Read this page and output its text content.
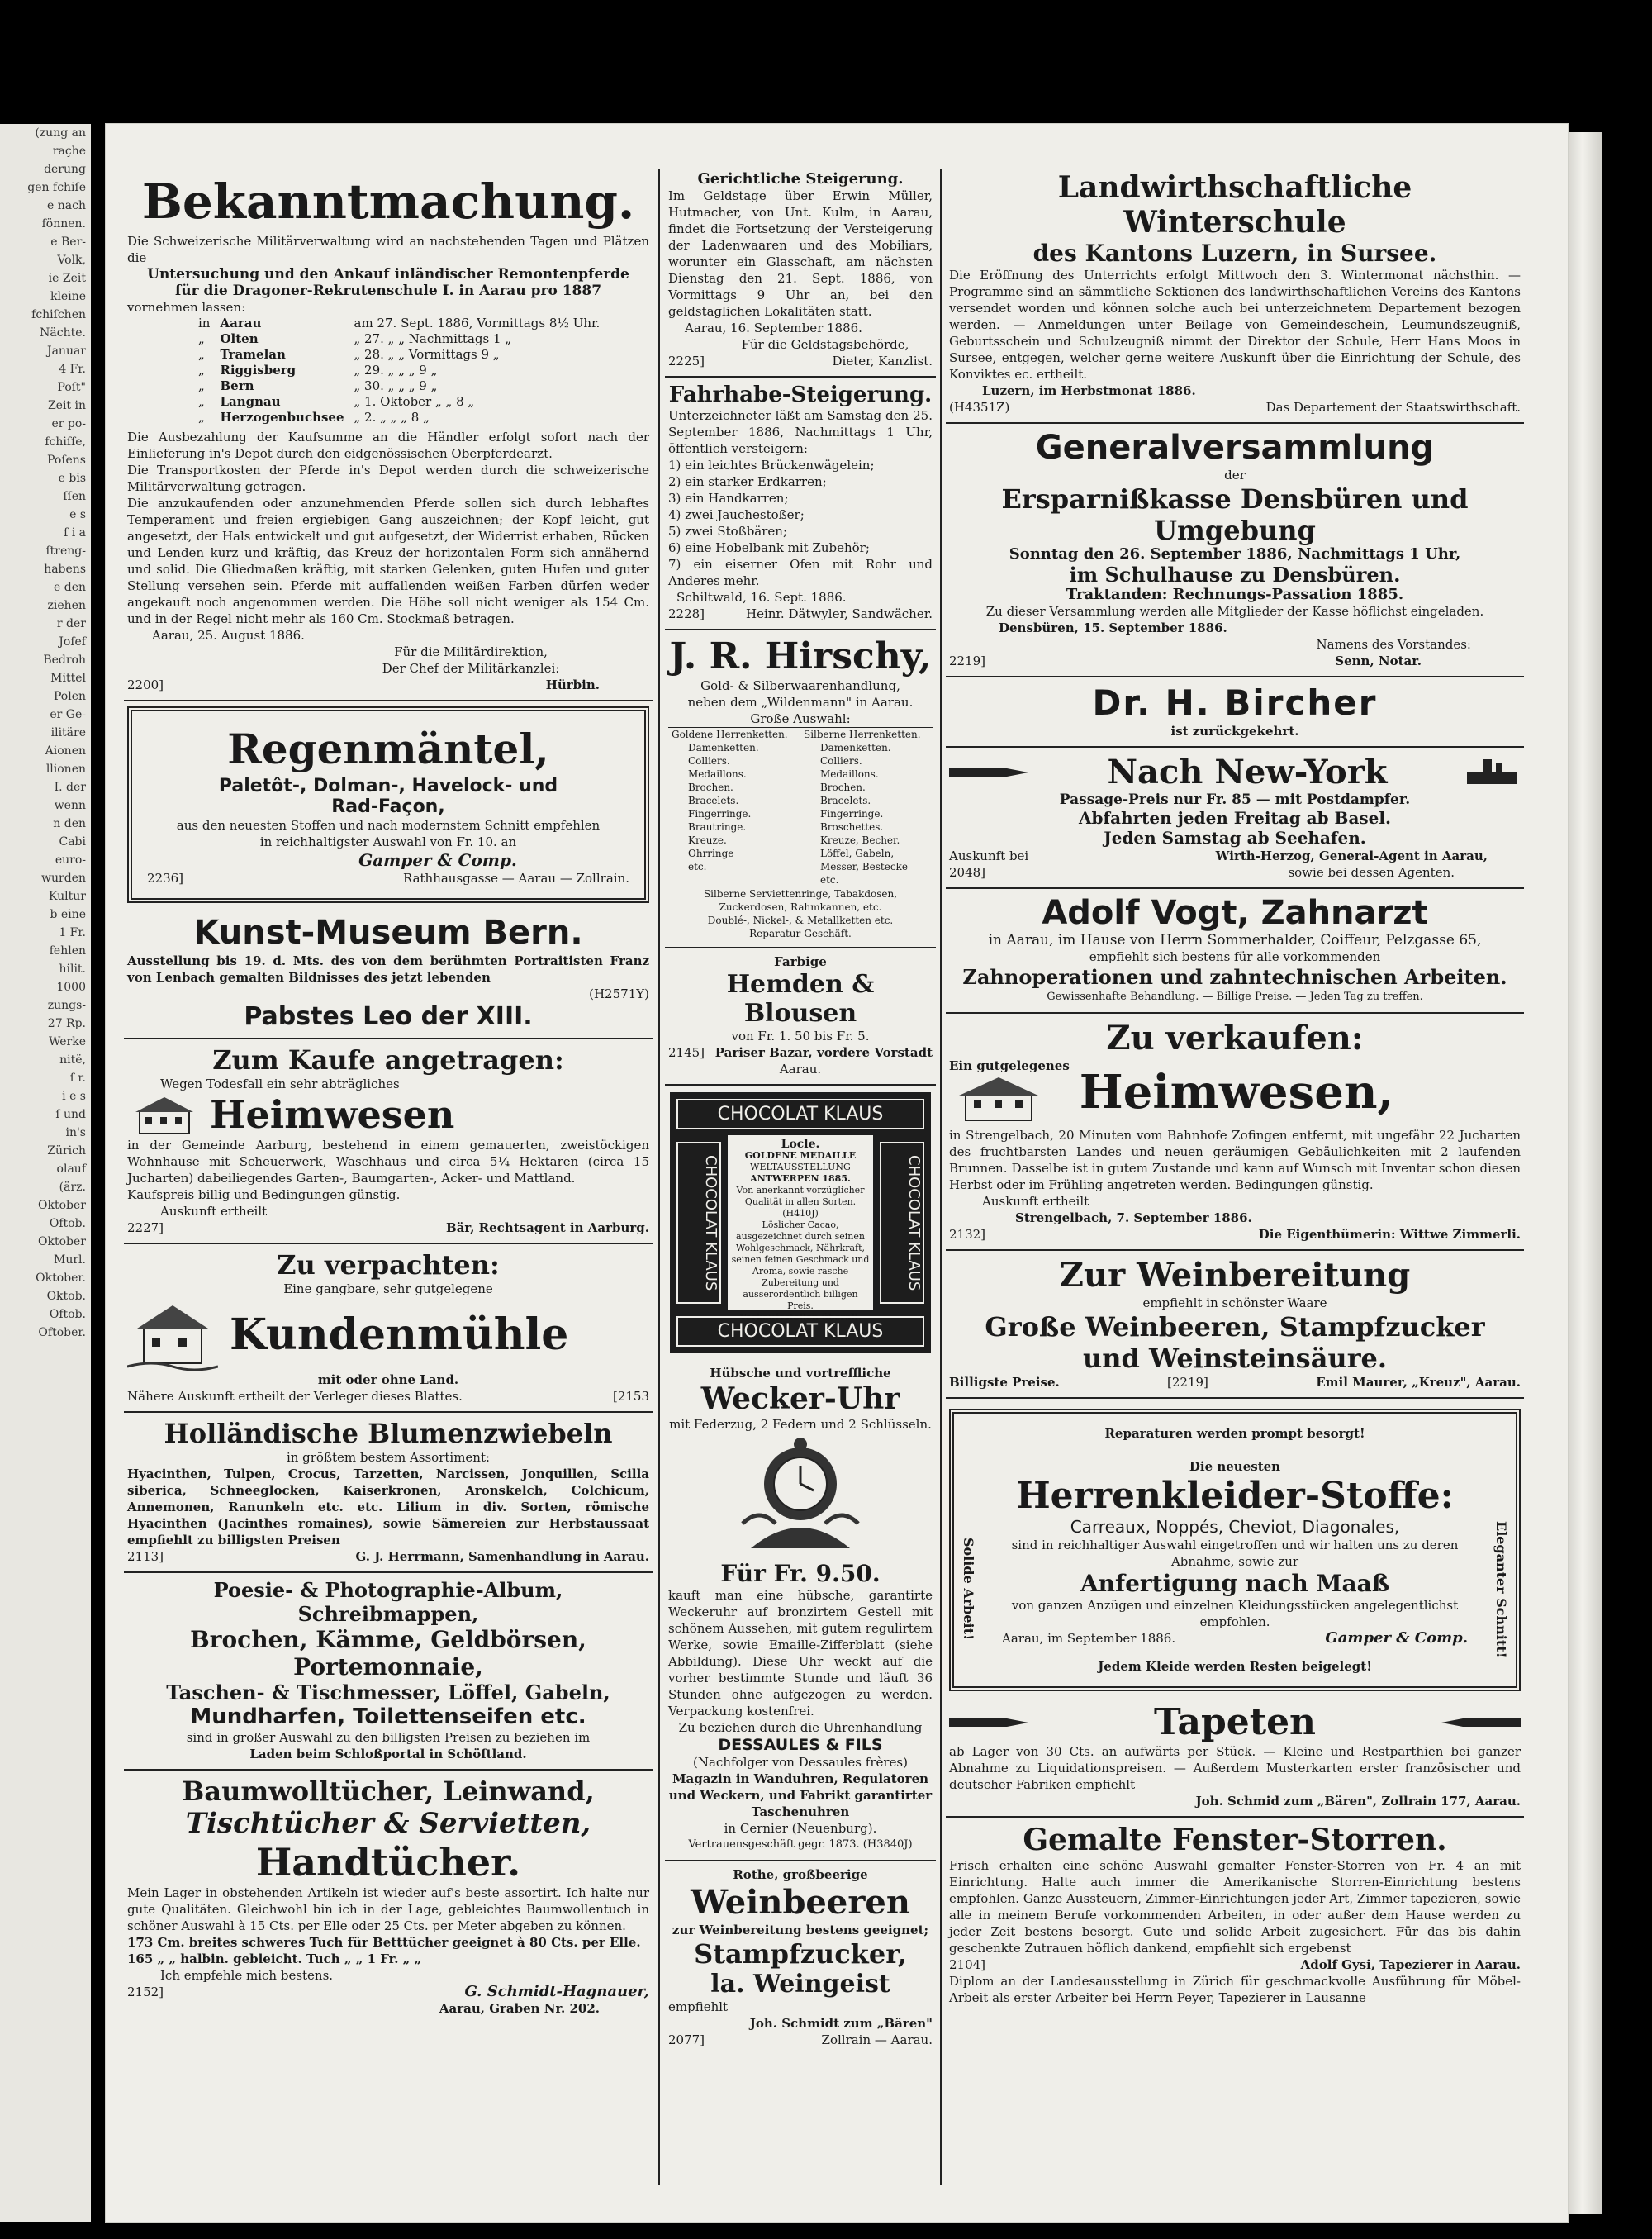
(zung an
raçhe
derung
gen fchiſe
e nach
fönnen.
e Ber-
Volk,
ie Zeit
kleine
fchiſchen
Nächte.
Januar
4 Fr.
Poſt"
Zeit in
er po-
fchiſſe,
Poſens
e bis
ſſen
e s
ſ i a
ſtreng-
habens
e den
ziehen
r der
Joſef
Bedroh
Mittel
Polen
er Ge-
ilitäre
Aionen
llionen
I. der
wenn
n den
Cabi
euro-
wurden
Kultur
b eine
1 Fr.
fehlen
hilit.
1000
zungs-
27 Rp.
Werke
nitë,
ſ r.
i e s
ſ und
in's
Zürich
olauf
(ärz.
Oktober
Oftob.
Oktober
Murl.
Oktober.
Oktob.
Oftob.
Oftober.
Bekanntmachung.
Die Schweizerische Militärverwaltung wird an nachstehenden Tagen und Plätzen die
Untersuchung und den Ankauf inländischer Remontenpferde
für die Dragoner-Rekrutenschule I. in Aarau pro 1887
vornehmen lassen:
in	Aarau	am 27. Sept. 1886, Vormittags 8½ Uhr.
„	Olten	„ 27. „ „ Nachmittags 1 „
„	Tramelan	„ 28. „ „ Vormittags 9 „
„	Riggisberg	„ 29. „ „ „ 9 „
„	Bern	„ 30. „ „ „ 9 „
„	Langnau	„ 1. Oktober „ „ 8 „
„	Herzogenbuchsee	„ 2. „ „ „ 8 „
Die Ausbezahlung der Kaufsumme an die Händler erfolgt sofort nach der Einlieferung in's Depot durch den eidgenössischen Oberpferdearzt.
Die Transportkosten der Pferde in's Depot werden durch die schweizerische Militärverwaltung getragen.
Die anzukaufenden oder anzunehmenden Pferde sollen sich durch lebhaftes Temperament und freien ergiebigen Gang auszeichnen; der Kopf leicht, gut angesetzt, der Hals entwickelt und gut aufgesetzt, der Widerrist erhaben, Rücken und Lenden kurz und kräftig, das Kreuz der horizontalen Form sich annähernd und solid. Die Gliedmaßen kräftig, mit starken Gelenken, guten Hufen und guter Stellung versehen sein. Pferde mit auffallenden weißen Farben dürfen weder angekauft noch angenommen werden. Die Höhe soll nicht weniger als 154 Cm. und in der Regel nicht mehr als 160 Cm. Stockmaß betragen.
Aarau, 25. August 1886.
Für die Militärdirektion,
Der Chef der Militärkanzlei:
2200]	Hürbin.
Regenmäntel,
Paletôt-, Dolman-, Havelock- und
Rad-Façon,
aus den neuesten Stoffen und nach modernstem Schnitt empfehlen
in reichhaltigster Auswahl von Fr. 10. an
Gamper & Comp.
2236]	Rathhausgasse — Aarau — Zollrain.
Kunst-Museum Bern.
Ausstellung bis 19. d. Mts. des von dem berühmten Portraitisten Franz von Lenbach gemalten Bildnisses des jetzt lebenden
(H2571Y)
Pabstes Leo der XIII.
Zum Kaufe angetragen:
Wegen Todesfall ein sehr abträgliches
Heimwesen
in der Gemeinde Aarburg, bestehend in einem gemauerten, zweistöckigen Wohnhause mit Scheuerwerk, Waschhaus und circa 5¼ Hektaren (circa 15 Jucharten) dabeiliegendes Garten-, Baumgarten-, Acker- und Mattland.
Kaufspreis billig und Bedingungen günstig.
Auskunft ertheilt
2227]	Bär, Rechtsagent in Aarburg.
Zu verpachten:
Eine gangbare, sehr gutgelegene
Kundenmühle
mit oder ohne Land.
Nähere Auskunft ertheilt der Verleger dieses Blattes.	[2153
Holländische Blumenzwiebeln
in größtem bestem Assortiment:
Hyacinthen, Tulpen, Crocus, Tarzetten, Narcissen, Jonquillen, Scilla siberica, Schneeglocken, Kaiserkronen, Aronskelch, Colchicum, Annemonen, Ranunkeln etc. etc. Lilium in div. Sorten, römische Hyacinthen (Jacinthes romaines), sowie Sämereien zur Herbstaussaat empfiehlt zu billigsten Preisen
2113]	G. J. Herrmann, Samenhandlung in Aarau.
Poesie- & Photographie-Album, Schreibmappen,
Brochen, Kämme, Geldbörsen, Portemonnaie,
Taschen- & Tischmesser, Löffel, Gabeln,
Mundharfen, Toilettenseifen etc.
sind in großer Auswahl zu den billigsten Preisen zu beziehen im
Laden beim Schloßportal in Schöftland.
Baumwolltücher, Leinwand,
Tischtücher & Servietten,
Handtücher.
Mein Lager in obstehenden Artikeln ist wieder auf's beste assortirt. Ich halte nur gute Qualitäten. Gleichwohl bin ich in der Lage, gebleichtes Baumwollentuch in schöner Auswahl à 15 Cts. per Elle oder 25 Cts. per Meter abgeben zu können.
173 Cm. breites schweres Tuch für Betttücher geeignet à 80 Cts. per Elle.
165 „ „ halbin. gebleicht. Tuch „ „ 1 Fr. „ „
Ich empfehle mich bestens.
2152]	G. Schmidt-Hagnauer,
Aarau, Graben Nr. 202.
Gerichtliche Steigerung.
Im Geldstage über Erwin Müller, Hutmacher, von Unt. Kulm, in Aarau, findet die Fortsetzung der Versteigerung der Ladenwaaren und des Mobiliars, worunter ein Glasschaft, am nächsten Dienstag den 21. Sept. 1886, von Vormittags 9 Uhr an, bei den geldstaglichen Lokalitäten statt.
Aarau, 16. September 1886.
Für die Geldstagsbehörde,
2225]	Dieter, Kanzlist.
Fahrhabe-Steigerung.
Unterzeichneter läßt am Samstag den 25. September 1886, Nachmittags 1 Uhr, öffentlich versteigern:
1) ein leichtes Brückenwägelein;
2) ein starker Erdkarren;
3) ein Handkarren;
4) zwei Jauchestoßer;
5) zwei Stoßbären;
6) eine Hobelbank mit Zubehör;
7) ein eiserner Ofen mit Rohr und Anderes mehr.
Schiltwald, 16. Sept. 1886.
2228]	Heinr. Dätwyler, Sandwächer.
J. R. Hirschy,
Gold- & Silberwaarenhandlung,
neben dem „Wildenmann" in Aarau.
Große Auswahl:
Goldene Herrenketten.	Silberne Herrenketten.
Damenketten.	Damenketten.
Colliers.	Colliers.
Medaillons.	Medaillons.
Brochen.	Brochen.
Bracelets.	Bracelets.
Fingerringe.	Fingerringe.
Brautringe.	Broschettes.
Kreuze.	Kreuze, Becher.
Ohrringe	Löffel, Gabeln,
etc.	Messer, Bestecke
	etc.
Silberne Serviettenringe, Tabakdosen, Zuckerdosen, Rahmkannen, etc.
Doublé-, Nickel-, & Metallketten etc.
Reparatur-Geschäft.
Farbige
Hemden & Blousen
von Fr. 1. 50 bis Fr. 5.
2145] Pariser Bazar, vordere Vorstadt
Aarau.
CHOCOLAT KLAUS
CHOCOLAT KLAUS	CHOCOLAT KLAUS
Locle.
GOLDENE MEDAILLE
WELTAUSSTELLUNG
ANTWERPEN 1885.
Von anerkannt vorzüglicher Qualität in allen Sorten.
(H410J)
Löslicher Cacao, ausgezeichnet durch seinen Wohlgeschmack, Nährkraft, seinen feinen Geschmack und Aroma, sowie rasche Zubereitung und ausserordentlich billigen Preis.
Verkaufsstellen überall.
CHOCOLAT KLAUS
Hübsche und vortreffliche
Wecker-Uhr
mit Federzug, 2 Federn und 2 Schlüsseln.
Für Fr. 9.50.
kauft man eine hübsche, garantirte Weckeruhr auf bronzirtem Gestell mit schönem Aussehen, mit gutem regulirtem Werke, sowie Emaille-Zifferblatt (siehe Abbildung). Diese Uhr weckt auf die vorher bestimmte Stunde und läuft 36 Stunden ohne aufgezogen zu werden. Verpackung kostenfrei.
Zu beziehen durch die Uhrenhandlung
DESSAULES & FILS
(Nachfolger von Dessaules frères)
Magazin in Wanduhren, Regulatoren und Weckern, und Fabrikt garantirter Taschenuhren
in Cernier (Neuenburg).
Vertrauensgeschäft gegr. 1873. (H3840J)
Rothe, großbeerige
Weinbeeren
zur Weinbereitung bestens geeignet;
Stampfzucker,
la. Weingeist
empfiehlt
Joh. Schmidt zum „Bären"
2077]	Zollrain — Aarau.
Landwirthschaftliche Winterschule
des Kantons Luzern, in Sursee.
Die Eröffnung des Unterrichts erfolgt Mittwoch den 3. Wintermonat nächsthin. — Programme sind an sämmtliche Sektionen des landwirthschaftlichen Vereins des Kantons versendet worden und können solche auch bei unterzeichnetem Departement bezogen werden. — Anmeldungen unter Beilage von Gemeindeschein, Leumundszeugniß, Geburtsschein und Schulzeugniß nimmt der Direktor der Schule, Herr Hans Moos in Sursee, entgegen, welcher gerne weitere Auskunft über die Einrichtung der Schule, des Konviktes ec. ertheilt.
Luzern, im Herbstmonat 1886.
(H4351Z)	Das Departement der Staatswirthschaft.
Generalversammlung
der
Ersparnißkasse Densbüren und Umgebung
Sonntag den 26. September 1886, Nachmittags 1 Uhr,
im Schulhause zu Densbüren.
Traktanden: Rechnungs-Passation 1885.
Zu dieser Versammlung werden alle Mitglieder der Kasse höflichst eingeladen.
Densbüren, 15. September 1886.
Namens des Vorstandes:
2219]	Senn, Notar.
Dr. H. Bircher
ist zurückgekehrt.
Nach New-York
Passage-Preis nur Fr. 85 — mit Postdampfer.
Abfahrten jeden Freitag ab Basel.
Jeden Samstag ab Seehafen.
Auskunft bei	Wirth-Herzog, General-Agent in Aarau,
2048]	sowie bei dessen Agenten.
Adolf Vogt, Zahnarzt
in Aarau, im Hause von Herrn Sommerhalder, Coiffeur, Pelzgasse 65,
empfiehlt sich bestens für alle vorkommenden
Zahnoperationen und zahntechnischen Arbeiten.
Gewissenhafte Behandlung. — Billige Preise. — Jeden Tag zu treffen.
Zu verkaufen:
Ein gutgelegenes Heimwesen,
in Strengelbach, 20 Minuten vom Bahnhofe Zofingen entfernt, mit ungefähr 22 Jucharten des fruchtbarsten Landes und neuen geräumigen Gebäulichkeiten mit 2 laufenden Brunnen. Dasselbe ist in gutem Zustande und kann auf Wunsch mit Inventar schon diesen Herbst oder im Frühling angetreten werden. Bedingungen günstig.
Auskunft ertheilt
Strengelbach, 7. September 1886.
2132]	Die Eigenthümerin: Wittwe Zimmerli.
Zur Weinbereitung
empfiehlt in schönster Waare
Große Weinbeeren, Stampfzucker
und Weinsteinsäure.
Billigste Preise.	[2219]	Emil Maurer, „Kreuz", Aarau.
Solide Arbeit!	Eleganter Schnitt!
Reparaturen werden prompt besorgt!
Die neuesten
Herrenkleider-Stoffe:
Carreaux, Noppés, Cheviot, Diagonales,
sind in reichhaltiger Auswahl eingetroffen und wir halten uns zu deren Abnahme, sowie zur
Anfertigung nach Maaß
von ganzen Anzügen und einzelnen Kleidungsstücken angelegentlichst empfohlen.
Aarau, im September 1886.	Gamper & Comp.
Jedem Kleide werden Resten beigelegt!
Tapeten
ab Lager von 30 Cts. an aufwärts per Stück. — Kleine und Restparthien bei ganzer Abnahme zu Liquidationspreisen. — Außerdem Musterkarten erster französischer und deutscher Fabriken empfiehlt
Joh. Schmid zum „Bären", Zollrain 177, Aarau.
Gemalte Fenster-Storren.
Frisch erhalten eine schöne Auswahl gemalter Fenster-Storren von Fr. 4 an mit Einrichtung. Halte auch immer die Amerikanische Storren-Einrichtung bestens empfohlen. Ganze Aussteuern, Zimmer-Einrichtungen jeder Art, Zimmer tapezieren, sowie alle in meinem Berufe vorkommenden Arbeiten, in oder außer dem Hause werden zu jeder Zeit bestens besorgt. Gute und solide Arbeit zugesichert. Für das bis dahin geschenkte Zutrauen höflich dankend, empfiehlt sich ergebenst
2104]	Adolf Gysi, Tapezierer in Aarau.
Diplom an der Landesausstellung in Zürich für geschmackvolle Ausführung für Möbel-Arbeit als erster Arbeiter bei Herrn Peyer, Tapezierer in Lausanne
